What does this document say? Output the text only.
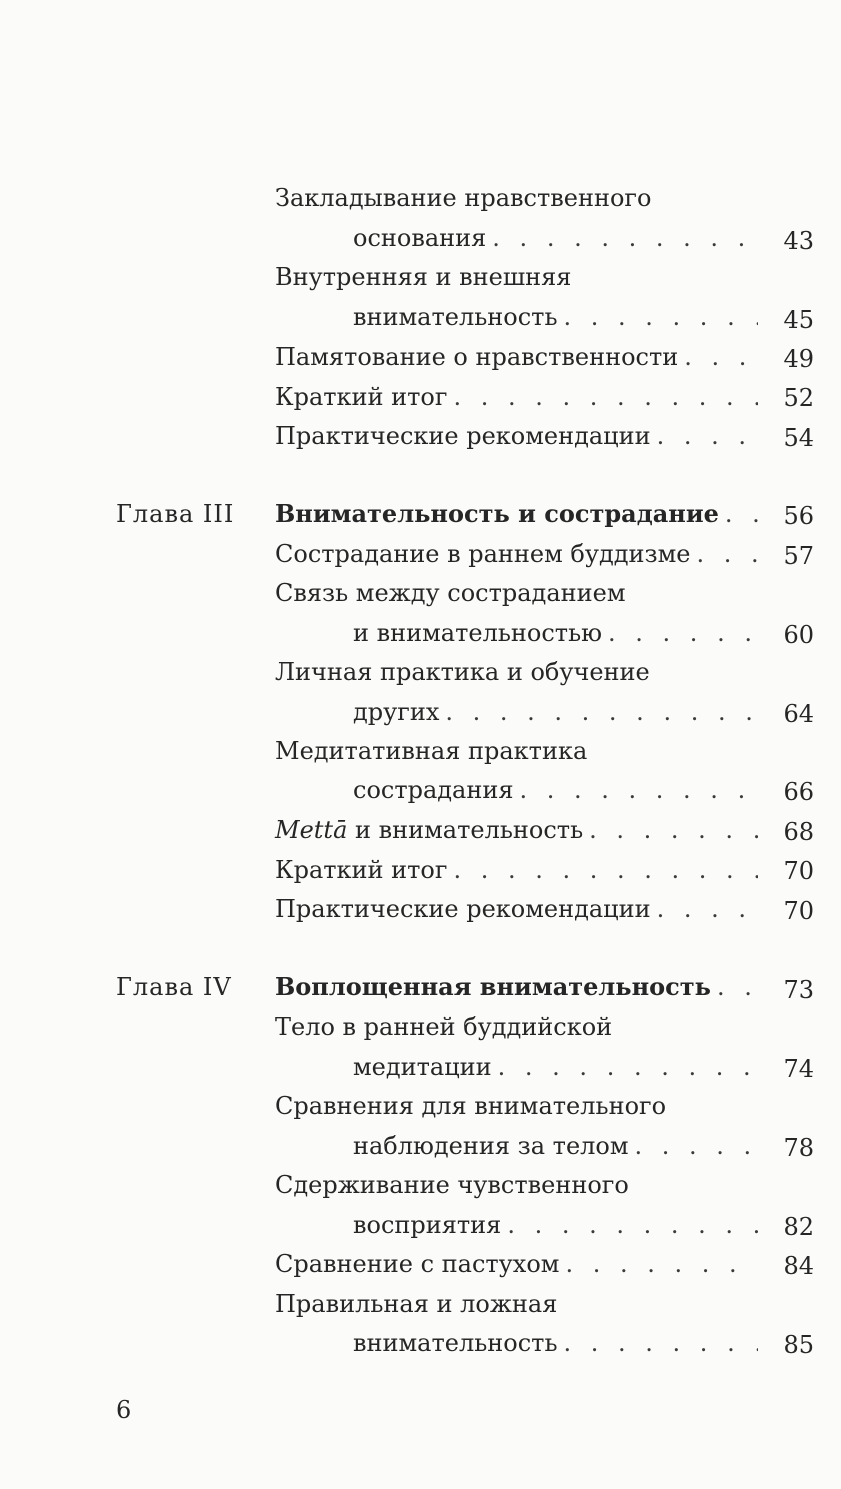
Закладывание нравственного
основания . . .	43
Внутренняя и внешняя
внимательность . . .	45
Памятование о нравственности . . .	49
Краткий итог . . .	52
Практические рекомендации . . .	54
Глава III Внимательность и сострадание . . .	56
Сострадание в раннем буддизме . . .	57
Связь между состраданием
и внимательностью . . .	60
Личная практика и обучение
других . . .	64
Медитативная практика
сострадания . . .	66
Mettā и внимательность . . .	68
Краткий итог . . .	70
Практические рекомендации . . .	70
Глава IV Воплощенная внимательность . . .	73
Тело в ранней буддийской
медитации . . .	74
Сравнения для внимательного
наблюдения за телом . . .	78
Сдерживание чувственного
восприятия . . .	82
Сравнение с пастухом . . .	84
Правильная и ложная
внимательность . . .	85
6
